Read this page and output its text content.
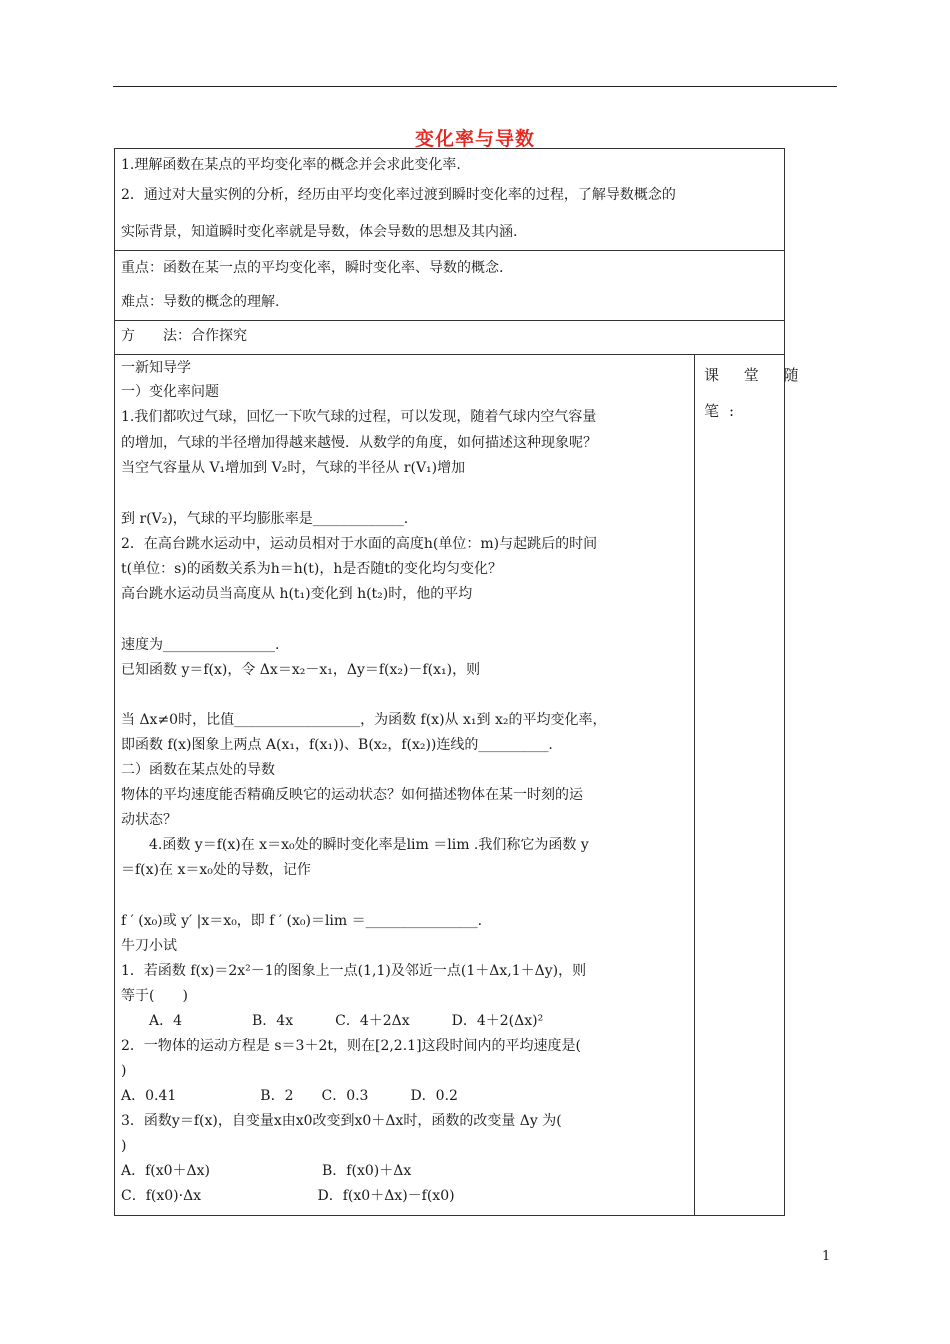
变化率与导数
1.理解函数在某点的平均变化率的概念并会求此变化率.
2．通过对大量实例的分析，经历由平均变化率过渡到瞬时变化率的过程，了解导数概念的
实际背景，知道瞬时变化率就是导数，体会导数的思想及其内涵.
重点：函数在某一点的平均变化率，瞬时变化率、导数的概念.
难点：导数的概念的理解.
方　　法：合作探究
课 堂 随
笔:
一新知导学
一）变化率问题
1.我们都吹过气球，回忆一下吹气球的过程，可以发现，随着气球内空气容量
的增加，气球的半径增加得越来越慢．从数学的角度，如何描述这种现象呢？
当空气容量从 V₁增加到 V₂时，气球的半径从 r(V₁)增加
到 r(V₂)，气球的平均膨胀率是_____________.
2．在高台跳水运动中，运动员相对于水面的高度h(单位：m)与起跳后的时间
t(单位：s)的函数关系为h＝h(t)，h是否随t的变化均匀变化？
高台跳水运动员当高度从 h(t₁)变化到 h(t₂)时，他的平均
速度为________________.
已知函数 y＝f(x)，令 Δx＝x₂－x₁，Δy＝f(x₂)－f(x₁)，则
当 Δx≠0时，比值__________________，为函数 f(x)从 x₁到 x₂的平均变化率，
即函数 f(x)图象上两点 A(x₁，f(x₁))、B(x₂，f(x₂))连线的__________.
二）函数在某点处的导数
物体的平均速度能否精确反映它的运动状态？如何描述物体在某一时刻的运
动状态？
　　4.函数 y＝f(x)在 x＝x₀处的瞬时变化率是lim ＝lim .我们称它为函数 y
＝f(x)在 x＝x₀处的导数，记作
f ′ (x₀)或 y′ |x＝x₀，即 f ′ (x₀)＝lim ＝________________.
牛刀小试
1．若函数 f(x)＝2x²－1的图象上一点(1,1)及邻近一点(1＋Δx,1＋Δy)，则
等于(　　)
　　A．4　　　　　B．4x　　　C．4＋2Δx　　　D．4＋2(Δx)²
2．一物体的运动方程是 s＝3＋2t，则在[2,2.1]这段时间内的平均速度是(
)
A．0.41　　　　　　B．2　　C．0.3　　　D．0.2
3．函数y＝f(x)，自变量x由x0改变到x0＋Δx时，函数的改变量 Δy 为(
)
A．f(x0＋Δx)　　　　　　　　B．f(x0)＋Δx
C．f(x0)·Δx　　　　　　　　 D．f(x0＋Δx)－f(x0)
1
